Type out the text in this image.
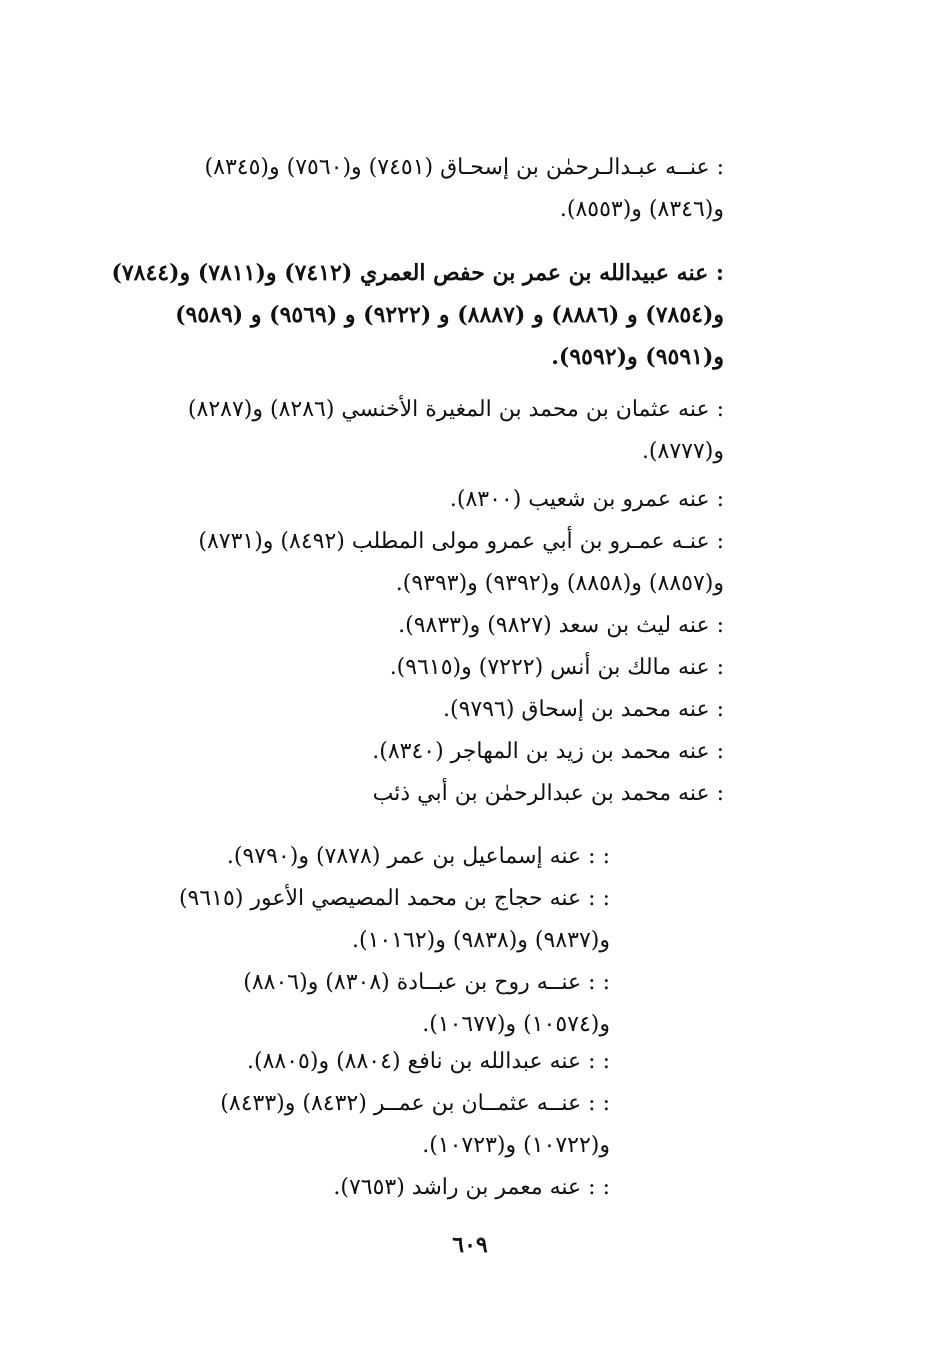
: عنــه عبـدالـرحمٰن بن إسحـاق (٧٤٥١) و(٧٥٦٠) و(٨٣٤٥)
و(٨٣٤٦) و(٨٥٥٣).
: عنه عبيدالله بن عمر بن حفص العمري (٧٤١٢) و(٧٨١١) و(٧٨٤٤)
و(٧٨٥٤) و (٨٨٨٦) و (٨٨٨٧) و (٩٢٢٢) و (٩٥٦٩) و (٩٥٨٩)
و(٩٥٩١) و(٩٥٩٢).
: عنه عثمان بن محمد بن المغيرة الأخنسي (٨٢٨٦) و(٨٢٨٧)
و(٨٧٧٧).
: عنه عمرو بن شعيب (٨٣٠٠).
: عنـه عمـرو بن أبي عمرو مولى المطلب (٨٤٩٢) و(٨٧٣١)
و(٨٨٥٧) و(٨٨٥٨) و(٩٣٩٢) و(٩٣٩٣).
: عنه ليث بن سعد (٩٨٢٧) و(٩٨٣٣).
: عنه مالك بن أنس (٧٢٢٢) و(٩٦١٥).
: عنه محمد بن إسحاق (٩٧٩٦).
: عنه محمد بن زيد بن المهاجر (٨٣٤٠).
: عنه محمد بن عبدالرحمٰن بن أبي ذئب
: : عنه إسماعيل بن عمر (٧٨٧٨) و(٩٧٩٠).
: : عنه حجاج بن محمد المصيصي الأعور (٩٦١٥)
و(٩٨٣٧) و(٩٨٣٨) و(١٠١٦٢).
: : عنــه روح بن عبــادة (٨٣٠٨) و(٨٨٠٦)
و(١٠٥٧٤) و(١٠٦٧٧).
: : عنه عبدالله بن نافع (٨٨٠٤) و(٨٨٠٥).
: : عنــه عثمــان بن عمــر (٨٤٣٢) و(٨٤٣٣)
و(١٠٧٢٢) و(١٠٧٢٣).
: : عنه معمر بن راشد (٧٦٥٣).
٦٠٩
